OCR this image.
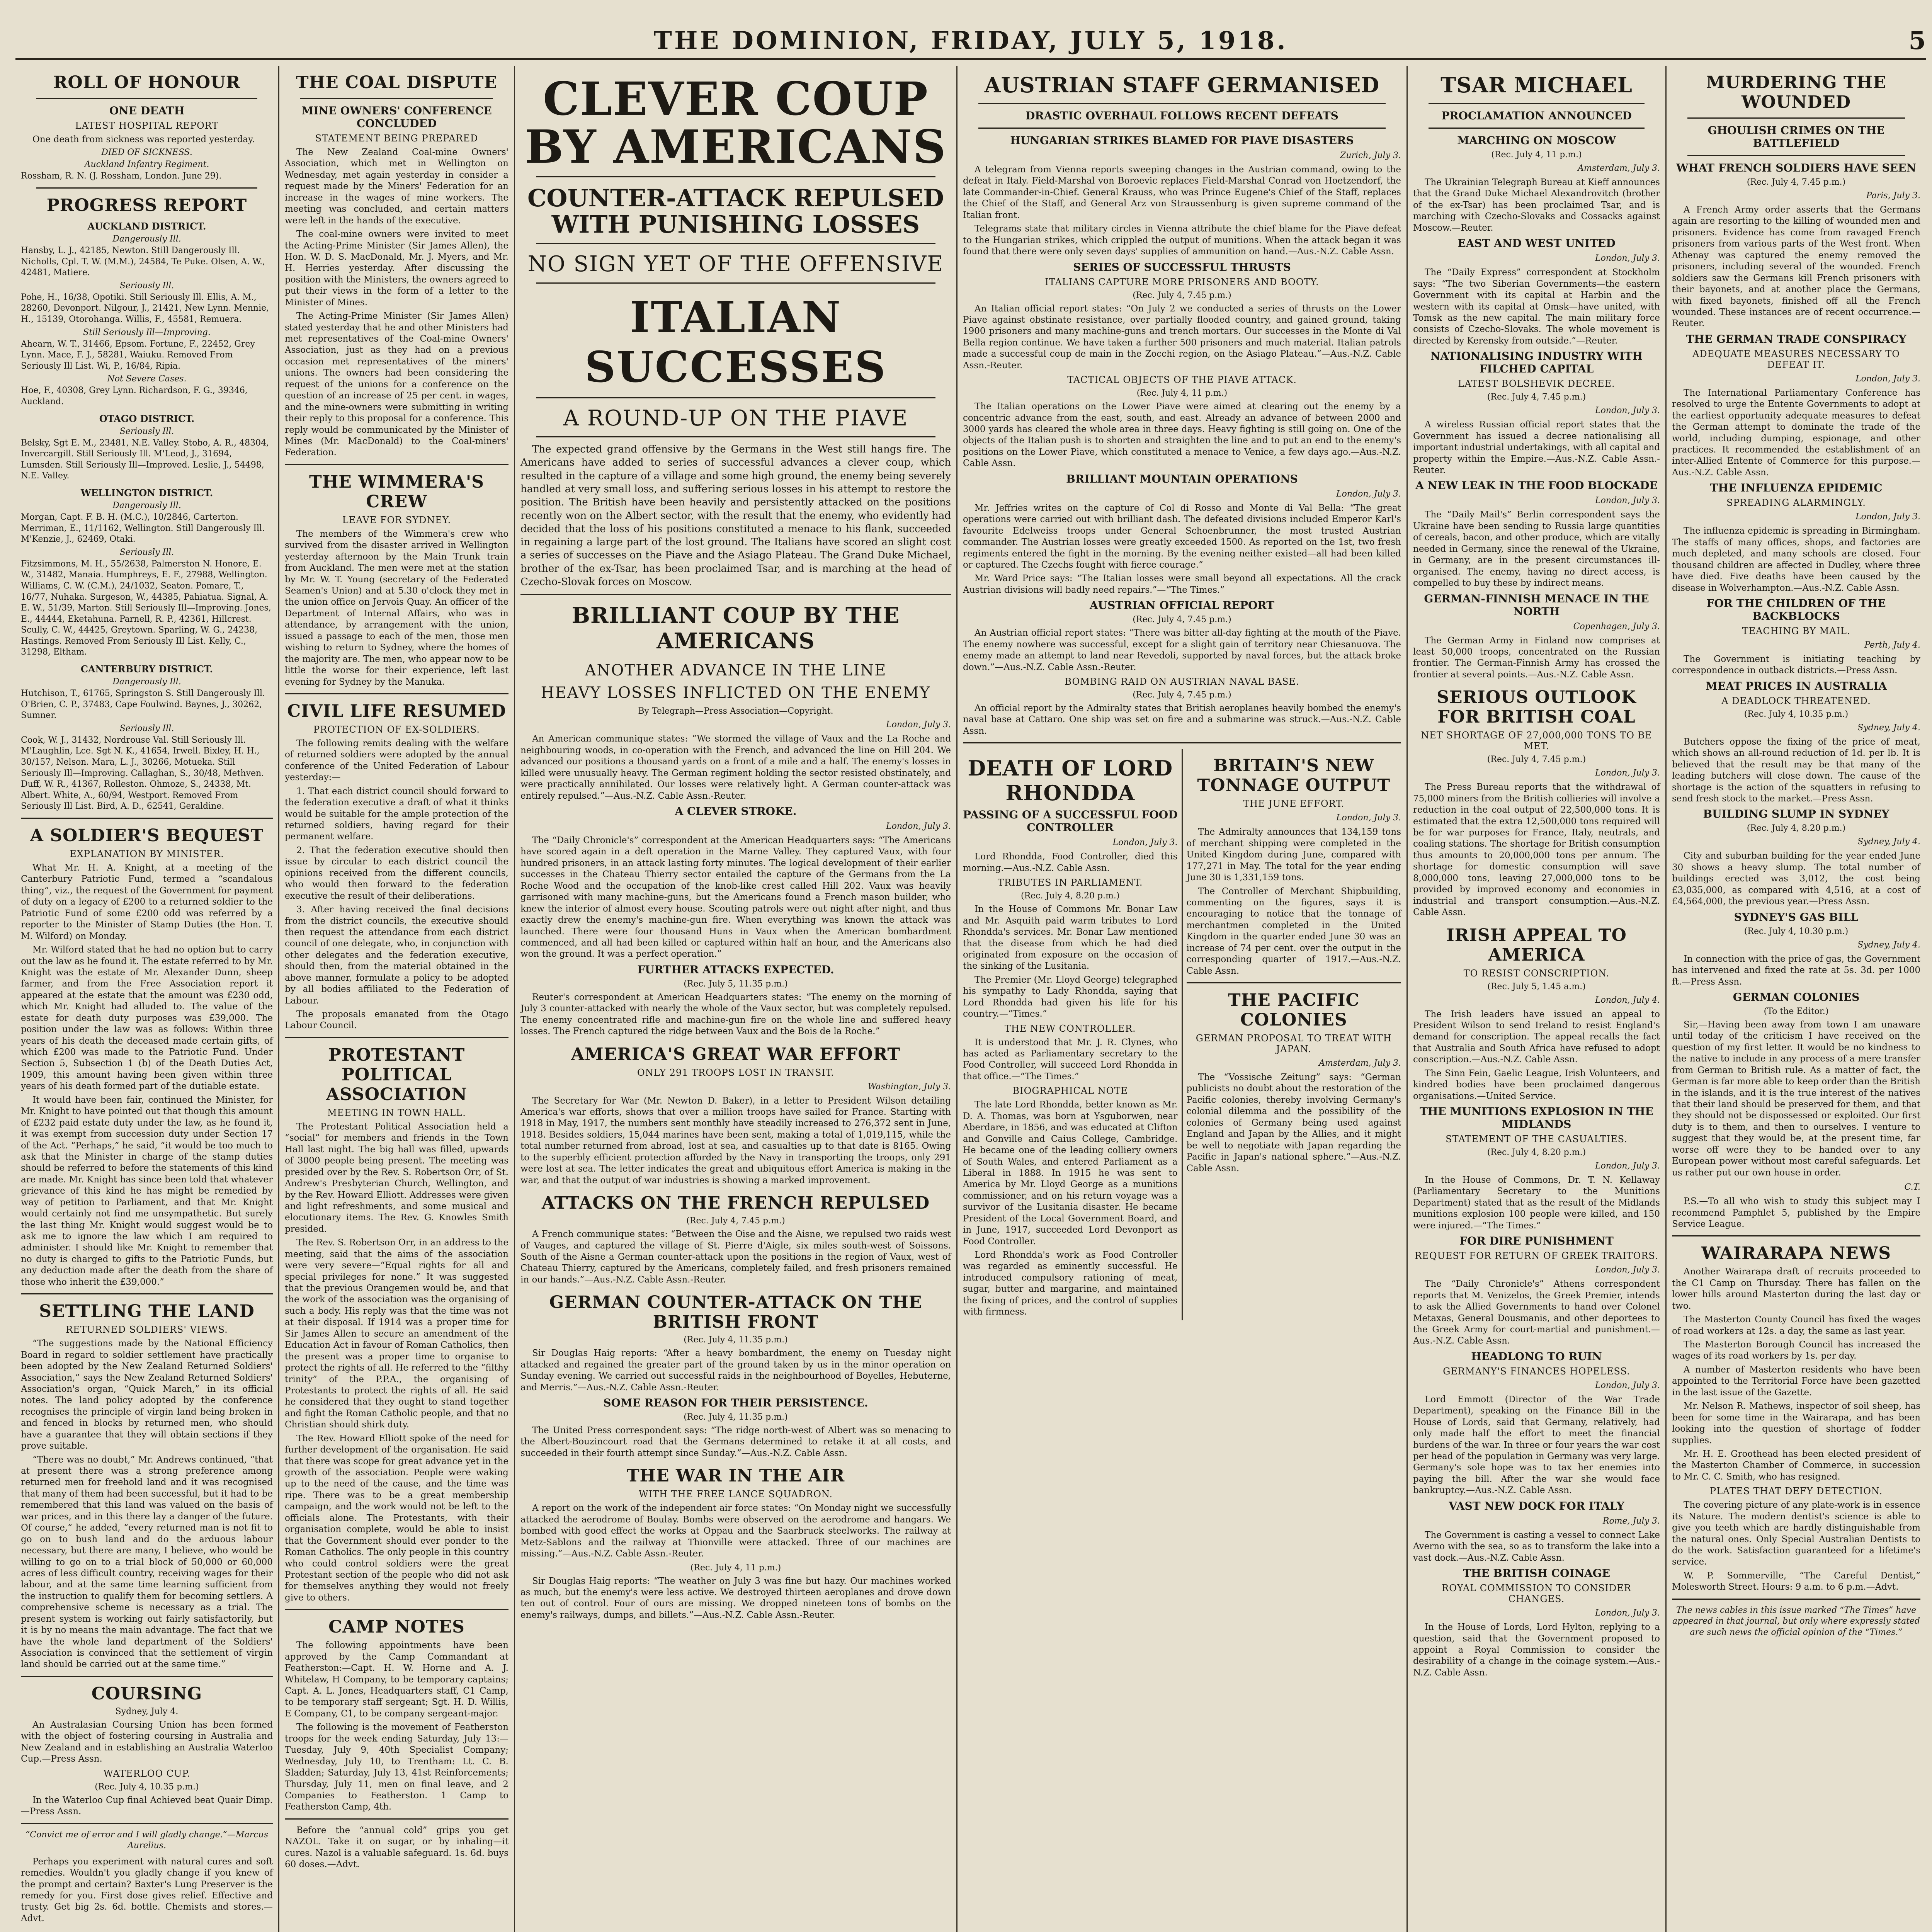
THE DOMINION, FRIDAY, JULY 5, 1918.	5
ROLL OF HONOUR
ONE DEATH
LATEST HOSPITAL REPORT
One death from sickness was reported yesterday.
DIED OF SICKNESS.
Auckland Infantry Regiment.
Rossham, R. N. (J. Rossham, London. June 29).
PROGRESS REPORT
AUCKLAND DISTRICT.
Dangerously Ill.
Hansby, L. J., 42185, Newton. Still Dangerously Ill. Nicholls, Cpl. T. W. (M.M.), 24584, Te Puke. Olsen, A. W., 42481, Matiere.
Seriously Ill.
Pohe, H., 16/38, Opotiki. Still Seriously Ill. Ellis, A. M., 28260, Devonport. Nilgour, J., 21421, New Lynn. Mennie, H., 15139, Otorohanga. Willis, F., 45581, Remuera.
Still Seriously Ill—Improving.
Ahearn, W. T., 31466, Epsom. Fortune, F., 22452, Grey Lynn. Mace, F. J., 58281, Waiuku. Removed From Seriously Ill List. Wi, P., 16/84, Ripia.
Not Severe Cases.
Hoe, F., 40308, Grey Lynn. Richardson, F. G., 39346, Auckland.
OTAGO DISTRICT.
Seriously Ill.
Belsky, Sgt E. M., 23481, N.E. Valley. Stobo, A. R., 48304, Invercargill. Still Seriously Ill. M'Leod, J., 31694, Lumsden. Still Seriously Ill—Improved. Leslie, J., 54498, N.E. Valley.
WELLINGTON DISTRICT.
Dangerously Ill.
Morgan, Capt. F. B. H. (M.C.), 10/2846, Carterton. Merriman, E., 11/1162, Wellington. Still Dangerously Ill. M'Kenzie, J., 62469, Otaki.
Seriously Ill.
Fitzsimmons, M. H., 55/2638, Palmerston N. Honore, E. W., 31482, Manaia. Humphreys, E. F., 27988, Wellington. Williams, C. W. (C.M.), 24/1032, Seaton. Pomare, T., 16/77, Nuhaka. Surgeson, W., 44385, Pahiatua. Signal, A. E. W., 51/39, Marton. Still Seriously Ill—Improving. Jones, E., 44444, Eketahuna. Parnell, R. P., 42361, Hillcrest. Scully, C. W., 44425, Greytown. Sparling, W. G., 24238, Hastings. Removed From Seriously Ill List. Kelly, C., 31298, Eltham.
CANTERBURY DISTRICT.
Dangerously Ill.
Hutchison, T., 61765, Springston S. Still Dangerously Ill. O'Brien, C. P., 37483, Cape Foulwind. Baynes, J., 30262, Sumner.
Seriously Ill.
Cook, W. J., 31432, Nordrouse Val. Still Seriously Ill. M'Laughlin, Lce. Sgt N. K., 41654, Irwell. Bixley, H. H., 30/157, Nelson. Mara, L. J., 30266, Motueka. Still Seriously Ill—Improving. Callaghan, S., 30/48, Methven. Duff, W. R., 41367, Rolleston. Ohmoze, S., 24338, Mt. Albert. White, A., 60/94, Westport. Removed From Seriously Ill List. Bird, A. D., 62541, Geraldine.
A SOLDIER'S BEQUEST
EXPLANATION BY MINISTER.
What Mr. H. A. Knight, at a meeting of the Canterbury Patriotic Fund, termed a “scandalous thing”, viz., the request of the Government for payment of duty on a legacy of £200 to a returned soldier to the Patriotic Fund of some £200 odd was referred by a reporter to the Minister of Stamp Duties (the Hon. T. M. Wilford) on Monday.
Mr. Wilford stated that he had no option but to carry out the law as he found it. The estate referred to by Mr. Knight was the estate of Mr. Alexander Dunn, sheep farmer, and from the Free Association report it appeared at the estate that the amount was £230 odd, which Mr. Knight had alluded to. The value of the estate for death duty purposes was £39,000. The position under the law was as follows: Within three years of his death the deceased made certain gifts, of which £200 was made to the Patriotic Fund. Under Section 5, Subsection 1 (b) of the Death Duties Act, 1909, this amount having been given within three years of his death formed part of the dutiable estate.
It would have been fair, continued the Minister, for Mr. Knight to have pointed out that though this amount of £232 paid estate duty under the law, as he found it, it was exempt from succession duty under Section 17 of the Act. “Perhaps,” he said, “it would be too much to ask that the Minister in charge of the stamp duties should be referred to before the statements of this kind are made. Mr. Knight has since been told that whatever grievance of this kind he has might be remedied by way of petition to Parliament, and that Mr. Knight would certainly not find me unsympathetic. But surely the last thing Mr. Knight would suggest would be to ask me to ignore the law which I am required to administer. I should like Mr. Knight to remember that no duty is charged to gifts to the Patriotic Funds, but any deduction made after the death from the share of those who inherit the £39,000.”
SETTLING THE LAND
RETURNED SOLDIERS' VIEWS.
“The suggestions made by the National Efficiency Board in regard to soldier settlement have practically been adopted by the New Zealand Returned Soldiers' Association,” says the New Zealand Returned Soldiers' Association's organ, “Quick March,” in its official notes. The land policy adopted by the conference recognises the principle of virgin land being broken in and fenced in blocks by returned men, who should have a guarantee that they will obtain sections if they prove suitable.
“There was no doubt,” Mr. Andrews continued, “that at present there was a strong preference among returned men for freehold land and it was recognised that many of them had been successful, but it had to be remembered that this land was valued on the basis of war prices, and in this there lay a danger of the future. Of course,” he added, “every returned man is not fit to go on to bush land and do the arduous labour necessary, but there are many, I believe, who would be willing to go on to a trial block of 50,000 or 60,000 acres of less difficult country, receiving wages for their labour, and at the same time learning sufficient from the instruction to qualify them for becoming settlers. A comprehensive scheme is necessary as a trial. The present system is working out fairly satisfactorily, but it is by no means the main advantage. The fact that we have the whole land department of the Soldiers' Association is convinced that the settlement of virgin land should be carried out at the same time.”
COURSING
Sydney, July 4.
An Australasian Coursing Union has been formed with the object of fostering coursing in Australia and New Zealand and in establishing an Australia Waterloo Cup.—Press Assn.
WATERLOO CUP.
(Rec. July 4, 10.35 p.m.)
In the Waterloo Cup final Achieved beat Quair Dimp.—Press Assn.
“Convict me of error and I will gladly change.”—Marcus Aurelius.
Perhaps you experiment with natural cures and soft remedies. Wouldn't you gladly change if you knew of the prompt and certain? Baxter's Lung Preserver is the remedy for you. First dose gives relief. Effective and trusty. Get big 2s. 6d. bottle. Chemists and stores.—Advt.
THE COAL DISPUTE
MINE OWNERS' CONFERENCE CONCLUDED
STATEMENT BEING PREPARED
The New Zealand Coal-mine Owners' Association, which met in Wellington on Wednesday, met again yesterday in consider a request made by the Miners' Federation for an increase in the wages of mine workers. The meeting was concluded, and certain matters were left in the hands of the executive.
The coal-mine owners were invited to meet the Acting-Prime Minister (Sir James Allen), the Hon. W. D. S. MacDonald, Mr. J. Myers, and Mr. H. Herries yesterday. After discussing the position with the Ministers, the owners agreed to put their views in the form of a letter to the Minister of Mines.
The Acting-Prime Minister (Sir James Allen) stated yesterday that he and other Ministers had met representatives of the Coal-mine Owners' Association, just as they had on a previous occasion met representatives of the miners' unions. The owners had been considering the request of the unions for a conference on the question of an increase of 25 per cent. in wages, and the mine-owners were submitting in writing their reply to this proposal for a conference. This reply would be communicated by the Minister of Mines (Mr. MacDonald) to the Coal-miners' Federation.
THE WIMMERA'S CREW
LEAVE FOR SYDNEY.
The members of the Wimmera's crew who survived from the disaster arrived in Wellington yesterday afternoon by the Main Trunk train from Auckland. The men were met at the station by Mr. W. T. Young (secretary of the Federated Seamen's Union) and at 5.30 o'clock they met in the union office on Jervois Quay. An officer of the Department of Internal Affairs, who was in attendance, by arrangement with the union, issued a passage to each of the men, those men wishing to return to Sydney, where the homes of the majority are. The men, who appear now to be little the worse for their experience, left last evening for Sydney by the Manuka.
CIVIL LIFE RESUMED
PROTECTION OF EX-SOLDIERS.
The following remits dealing with the welfare of returned soldiers were adopted by the annual conference of the United Federation of Labour yesterday:—
1. That each district council should forward to the federation executive a draft of what it thinks would be suitable for the ample protection of the returned soldiers, having regard for their permanent welfare.
2. That the federation executive should then issue by circular to each district council the opinions received from the different councils, who would then forward to the federation executive the result of their deliberations.
3. After having received the final decisions from the district councils, the executive should then request the attendance from each district council of one delegate, who, in conjunction with other delegates and the federation executive, should then, from the material obtained in the above manner, formulate a policy to be adopted by all bodies affiliated to the Federation of Labour.
The proposals emanated from the Otago Labour Council.
PROTESTANT POLITICAL ASSOCIATION
MEETING IN TOWN HALL.
The Protestant Political Association held a “social” for members and friends in the Town Hall last night. The big hall was filled, upwards of 3000 people being present. The meeting was presided over by the Rev. S. Robertson Orr, of St. Andrew's Presbyterian Church, Wellington, and by the Rev. Howard Elliott. Addresses were given and light refreshments, and some musical and elocutionary items. The Rev. G. Knowles Smith presided.
The Rev. S. Robertson Orr, in an address to the meeting, said that the aims of the association were very severe—“Equal rights for all and special privileges for none.” It was suggested that the previous Orangemen would be, and that the work of the association was the organising of such a body. His reply was that the time was not at their disposal. If 1914 was a proper time for Sir James Allen to secure an amendment of the Education Act in favour of Roman Catholics, then the present was a proper time to organise to protect the rights of all. He referred to the “filthy trinity” of the P.P.A., the organising of Protestants to protect the rights of all. He said he considered that they ought to stand together and fight the Roman Catholic people, and that no Christian should shirk duty.
The Rev. Howard Elliott spoke of the need for further development of the organisation. He said that there was scope for great advance yet in the growth of the association. People were waking up to the need of the cause, and the time was ripe. There was to be a great membership campaign, and the work would not be left to the officials alone. The Protestants, with their organisation complete, would be able to insist that the Government should ever ponder to the Roman Catholics. The only people in this country who could control soldiers were the great Protestant section of the people who did not ask for themselves anything they would not freely give to others.
CAMP NOTES
The following appointments have been approved by the Camp Commandant at Featherston:—Capt. H. W. Horne and A. J. Whitelaw, H Company, to be temporary captains; Capt. A. L. Jones, Headquarters staff, C1 Camp, to be temporary staff sergeant; Sgt. H. D. Willis, E Company, C1, to be company sergeant-major.
The following is the movement of Featherston troops for the week ending Saturday, July 13:—Tuesday, July 9, 40th Specialist Company; Wednesday, July 10, to Trentham: Lt. C. B. Sladden; Saturday, July 13, 41st Reinforcements; Thursday, July 11, men on final leave, and 2 Companies to Featherston. 1 Camp to Featherston Camp, 4th.
Before the “annual cold” grips you get NAZOL. Take it on sugar, or by inhaling—it cures. Nazol is a valuable safeguard. 1s. 6d. buys 60 doses.—Advt.
CLEVER COUP BY AMERICANS
COUNTER-ATTACK REPULSED WITH PUNISHING LOSSES
NO SIGN YET OF THE OFFENSIVE
ITALIAN SUCCESSES
A ROUND-UP ON THE PIAVE
The expected grand offensive by the Germans in the West still hangs fire. The Americans have added to series of successful advances a clever coup, which resulted in the capture of a village and some high ground, the enemy being severely handled at very small loss, and suffering serious losses in his attempt to restore the position. The British have been heavily and persistently attacked on the positions recently won on the Albert sector, with the result that the enemy, who evidently had decided that the loss of his positions constituted a menace to his flank, succeeded in regaining a large part of the lost ground. The Italians have scored an slight cost a series of successes on the Piave and the Asiago Plateau. The Grand Duke Michael, brother of the ex-Tsar, has been proclaimed Tsar, and is marching at the head of Czecho-Slovak forces on Moscow.
BRILLIANT COUP BY THE AMERICANS
ANOTHER ADVANCE IN THE LINE
HEAVY LOSSES INFLICTED ON THE ENEMY
By Telegraph—Press Association—Copyright.
London, July 3.
An American communique states: “We stormed the village of Vaux and the La Roche and neighbouring woods, in co-operation with the French, and advanced the line on Hill 204. We advanced our positions a thousand yards on a front of a mile and a half. The enemy's losses in killed were unusually heavy. The German regiment holding the sector resisted obstinately, and were practically annihilated. Our losses were relatively light. A German counter-attack was entirely repulsed.”—Aus.-N.Z. Cable Assn.-Reuter.
A CLEVER STROKE.
London, July 3.
The “Daily Chronicle's” correspondent at the American Headquarters says: “The Americans have scored again in a deft operation in the Marne Valley. They captured Vaux, with four hundred prisoners, in an attack lasting forty minutes. The logical development of their earlier successes in the Chateau Thierry sector entailed the capture of the Germans from the La Roche Wood and the occupation of the knob-like crest called Hill 202. Vaux was heavily garrisoned with many machine-guns, but the Americans found a French mason builder, who knew the interior of almost every house. Scouting patrols were out night after night, and thus exactly drew the enemy's machine-gun fire. When everything was known the attack was launched. There were four thousand Huns in Vaux when the American bombardment commenced, and all had been killed or captured within half an hour, and the Americans also won the ground. It was a perfect operation.”
FURTHER ATTACKS EXPECTED.
(Rec. July 5, 11.35 p.m.)
Reuter's correspondent at American Headquarters states: “The enemy on the morning of July 3 counter-attacked with nearly the whole of the Vaux sector, but was completely repulsed. The enemy concentrated rifle and machine-gun fire on the whole line and suffered heavy losses. The French captured the ridge between Vaux and the Bois de la Roche.”
AMERICA'S GREAT WAR EFFORT
ONLY 291 TROOPS LOST IN TRANSIT.
Washington, July 3.
The Secretary for War (Mr. Newton D. Baker), in a letter to President Wilson detailing America's war efforts, shows that over a million troops have sailed for France. Starting with 1918 in May, 1917, the numbers sent monthly have steadily increased to 276,372 sent in June, 1918. Besides soldiers, 15,044 marines have been sent, making a total of 1,019,115, while the total number returned from abroad, lost at sea, and casualties up to that date is 8165. Owing to the superbly efficient protection afforded by the Navy in transporting the troops, only 291 were lost at sea. The letter indicates the great and ubiquitous effort America is making in the war, and that the output of war industries is showing a marked improvement.
ATTACKS ON THE FRENCH REPULSED
(Rec. July 4, 7.45 p.m.)
A French communique states: “Between the Oise and the Aisne, we repulsed two raids west of Vauges, and captured the village of St. Pierre d'Aigle, six miles south-west of Soissons. South of the Aisne a German counter-attack upon the positions in the region of Vaux, west of Chateau Thierry, captured by the Americans, completely failed, and fresh prisoners remained in our hands.”—Aus.-N.Z. Cable Assn.-Reuter.
GERMAN COUNTER-ATTACK ON THE BRITISH FRONT
(Rec. July 4, 11.35 p.m.)
Sir Douglas Haig reports: “After a heavy bombardment, the enemy on Tuesday night attacked and regained the greater part of the ground taken by us in the minor operation on Sunday evening. We carried out successful raids in the neighbourhood of Boyelles, Hebuterne, and Merris.”—Aus.-N.Z. Cable Assn.-Reuter.
SOME REASON FOR THEIR PERSISTENCE.
(Rec. July 4, 11.35 p.m.)
The United Press correspondent says: “The ridge north-west of Albert was so menacing to the Albert-Bouzincourt road that the Germans determined to retake it at all costs, and succeeded in their fourth attempt since Sunday.”—Aus.-N.Z. Cable Assn.
THE WAR IN THE AIR
WITH THE FREE LANCE SQUADRON.
A report on the work of the independent air force states: “On Monday night we successfully attacked the aerodrome of Boulay. Bombs were observed on the aerodrome and hangars. We bombed with good effect the works at Oppau and the Saarbruck steelworks. The railway at Metz-Sablons and the railway at Thionville were attacked. Three of our machines are missing.”—Aus.-N.Z. Cable Assn.-Reuter.
(Rec. July 4, 11 p.m.)
Sir Douglas Haig reports: “The weather on July 3 was fine but hazy. Our machines worked as much, but the enemy's were less active. We destroyed thirteen aeroplanes and drove down ten out of control. Four of ours are missing. We dropped nineteen tons of bombs on the enemy's railways, dumps, and billets.”—Aus.-N.Z. Cable Assn.-Reuter.
AUSTRIAN STAFF GERMANISED
DRASTIC OVERHAUL FOLLOWS RECENT DEFEATS
HUNGARIAN STRIKES BLAMED FOR PIAVE DISASTERS
Zurich, July 3.
A telegram from Vienna reports sweeping changes in the Austrian command, owing to the defeat in Italy. Field-Marshal von Boroevic replaces Field-Marshal Conrad von Hoetzendorf, the late Commander-in-Chief. General Krauss, who was Prince Eugene's Chief of the Staff, replaces the Chief of the Staff, and General Arz von Straussenburg is given supreme command of the Italian front.
Telegrams state that military circles in Vienna attribute the chief blame for the Piave defeat to the Hungarian strikes, which crippled the output of munitions. When the attack began it was found that there were only seven days' supplies of ammunition on hand.—Aus.-N.Z. Cable Assn.
SERIES OF SUCCESSFUL THRUSTS
ITALIANS CAPTURE MORE PRISONERS AND BOOTY.
(Rec. July 4, 7.45 p.m.)
An Italian official report states: “On July 2 we conducted a series of thrusts on the Lower Piave against obstinate resistance, over partially flooded country, and gained ground, taking 1900 prisoners and many machine-guns and trench mortars. Our successes in the Monte di Val Bella region continue. We have taken a further 500 prisoners and much material. Italian patrols made a successful coup de main in the Zocchi region, on the Asiago Plateau.”—Aus.-N.Z. Cable Assn.-Reuter.
TACTICAL OBJECTS OF THE PIAVE ATTACK.
(Rec. July 4, 11 p.m.)
The Italian operations on the Lower Piave were aimed at clearing out the enemy by a concentric advance from the east, south, and east. Already an advance of between 2000 and 3000 yards has cleared the whole area in three days. Heavy fighting is still going on. One of the objects of the Italian push is to shorten and straighten the line and to put an end to the enemy's positions on the Lower Piave, which constituted a menace to Venice, a few days ago.—Aus.-N.Z. Cable Assn.
BRILLIANT MOUNTAIN OPERATIONS
London, July 3.
Mr. Jeffries writes on the capture of Col di Rosso and Monte di Val Bella: “The great operations were carried out with brilliant dash. The defeated divisions included Emperor Karl's favourite Edelweiss troops under General Schoenbrunner, the most trusted Austrian commander. The Austrian losses were greatly exceeded 1500. As reported on the 1st, two fresh regiments entered the fight in the morning. By the evening neither existed—all had been killed or captured. The Czechs fought with fierce courage.”
Mr. Ward Price says: “The Italian losses were small beyond all expectations. All the crack Austrian divisions will badly need repairs.”—“The Times.”
AUSTRIAN OFFICIAL REPORT
(Rec. July 4, 7.45 p.m.)
An Austrian official report states: “There was bitter all-day fighting at the mouth of the Piave. The enemy nowhere was successful, except for a slight gain of territory near Chiesanuova. The enemy made an attempt to land near Revedoli, supported by naval forces, but the attack broke down.”—Aus.-N.Z. Cable Assn.-Reuter.
BOMBING RAID ON AUSTRIAN NAVAL BASE.
(Rec. July 4, 7.45 p.m.)
An official report by the Admiralty states that British aeroplanes heavily bombed the enemy's naval base at Cattaro. One ship was set on fire and a submarine was struck.—Aus.-N.Z. Cable Assn.
DEATH OF LORD RHONDDA
PASSING OF A SUCCESSFUL FOOD CONTROLLER
London, July 3.
Lord Rhondda, Food Controller, died this morning.—Aus.-N.Z. Cable Assn.
TRIBUTES IN PARLIAMENT.
(Rec. July 4, 8.20 p.m.)
In the House of Commons Mr. Bonar Law and Mr. Asquith paid warm tributes to Lord Rhondda's services. Mr. Bonar Law mentioned that the disease from which he had died originated from exposure on the occasion of the sinking of the Lusitania.
The Premier (Mr. Lloyd George) telegraphed his sympathy to Lady Rhondda, saying that Lord Rhondda had given his life for his country.—“Times.”
THE NEW CONTROLLER.
It is understood that Mr. J. R. Clynes, who has acted as Parliamentary secretary to the Food Controller, will succeed Lord Rhondda in that office.—“The Times.”
BIOGRAPHICAL NOTE
The late Lord Rhondda, better known as Mr. D. A. Thomas, was born at Ysguborwen, near Aberdare, in 1856, and was educated at Clifton and Gonville and Caius College, Cambridge. He became one of the leading colliery owners of South Wales, and entered Parliament as a Liberal in 1888. In 1915 he was sent to America by Mr. Lloyd George as a munitions commissioner, and on his return voyage was a survivor of the Lusitania disaster. He became President of the Local Government Board, and in June, 1917, succeeded Lord Devonport as Food Controller.
Lord Rhondda's work as Food Controller was regarded as eminently successful. He introduced compulsory rationing of meat, sugar, butter and margarine, and maintained the fixing of prices, and the control of supplies with firmness.
BRITAIN'S NEW TONNAGE OUTPUT
THE JUNE EFFORT.
London, July 3.
The Admiralty announces that 134,159 tons of merchant shipping were completed in the United Kingdom during June, compared with 177,271 in May. The total for the year ending June 30 is 1,331,159 tons.
The Controller of Merchant Shipbuilding, commenting on the figures, says it is encouraging to notice that the tonnage of merchantmen completed in the United Kingdom in the quarter ended June 30 was an increase of 74 per cent. over the output in the corresponding quarter of 1917.—Aus.-N.Z. Cable Assn.
THE PACIFIC COLONIES
GERMAN PROPOSAL TO TREAT WITH JAPAN.
Amsterdam, July 3.
The “Vossische Zeitung” says: “German publicists no doubt about the restoration of the Pacific colonies, thereby involving Germany's colonial dilemma and the possibility of the colonies of Germany being used against England and Japan by the Allies, and it might be well to negotiate with Japan regarding the Pacific in Japan's national sphere.”—Aus.-N.Z. Cable Assn.
TSAR MICHAEL
PROCLAMATION ANNOUNCED
MARCHING ON MOSCOW
(Rec. July 4, 11 p.m.)
Amsterdam, July 3.
The Ukrainian Telegraph Bureau at Kieff announces that the Grand Duke Michael Alexandrovitch (brother of the ex-Tsar) has been proclaimed Tsar, and is marching with Czecho-Slovaks and Cossacks against Moscow.—Reuter.
EAST AND WEST UNITED
London, July 3.
The “Daily Express” correspondent at Stockholm says: “The two Siberian Governments—the eastern Government with its capital at Harbin and the western with its capital at Omsk—have united, with Tomsk as the new capital. The main military force consists of Czecho-Slovaks. The whole movement is directed by Kerensky from outside.”—Reuter.
NATIONALISING INDUSTRY WITH FILCHED CAPITAL
LATEST BOLSHEVIK DECREE.
(Rec. July 4, 7.45 p.m.)
London, July 3.
A wireless Russian official report states that the Government has issued a decree nationalising all important industrial undertakings, with all capital and property within the Empire.—Aus.-N.Z. Cable Assn.-Reuter.
A NEW LEAK IN THE FOOD BLOCKADE
London, July 3.
The “Daily Mail's” Berlin correspondent says the Ukraine have been sending to Russia large quantities of cereals, bacon, and other produce, which are vitally needed in Germany, since the renewal of the Ukraine, in Germany, are in the present circumstances ill-organised. The enemy, having no direct access, is compelled to buy these by indirect means.
GERMAN-FINNISH MENACE IN THE NORTH
Copenhagen, July 3.
The German Army in Finland now comprises at least 50,000 troops, concentrated on the Russian frontier. The German-Finnish Army has crossed the frontier at several points.—Aus.-N.Z. Cable Assn.
SERIOUS OUTLOOK FOR BRITISH COAL
NET SHORTAGE OF 27,000,000 TONS TO BE MET.
(Rec. July 4, 7.45 p.m.)
London, July 3.
The Press Bureau reports that the withdrawal of 75,000 miners from the British collieries will involve a reduction in the coal output of 22,500,000 tons. It is estimated that the extra 12,500,000 tons required will be for war purposes for France, Italy, neutrals, and coaling stations. The shortage for British consumption thus amounts to 20,000,000 tons per annum. The shortage for domestic consumption will save 8,000,000 tons, leaving 27,000,000 tons to be provided by improved economy and economies in industrial and transport consumption.—Aus.-N.Z. Cable Assn.
IRISH APPEAL TO AMERICA
TO RESIST CONSCRIPTION.
(Rec. July 5, 1.45 a.m.)
London, July 4.
The Irish leaders have issued an appeal to President Wilson to send Ireland to resist England's demand for conscription. The appeal recalls the fact that Australia and South Africa have refused to adopt conscription.—Aus.-N.Z. Cable Assn.
The Sinn Fein, Gaelic League, Irish Volunteers, and kindred bodies have been proclaimed dangerous organisations.—United Service.
THE MUNITIONS EXPLOSION IN THE MIDLANDS
STATEMENT OF THE CASUALTIES.
(Rec. July 4, 8.20 p.m.)
London, July 3.
In the House of Commons, Dr. T. N. Kellaway (Parliamentary Secretary to the Munitions Department) stated that as the result of the Midlands munitions explosion 100 people were killed, and 150 were injured.—“The Times.”
FOR DIRE PUNISHMENT
REQUEST FOR RETURN OF GREEK TRAITORS.
London, July 3.
The “Daily Chronicle's” Athens correspondent reports that M. Venizelos, the Greek Premier, intends to ask the Allied Governments to hand over Colonel Metaxas, General Dousmanis, and other deportees to the Greek Army for court-martial and punishment.—Aus.-N.Z. Cable Assn.
HEADLONG TO RUIN
GERMANY'S FINANCES HOPELESS.
London, July 3.
Lord Emmott (Director of the War Trade Department), speaking on the Finance Bill in the House of Lords, said that Germany, relatively, had only made half the effort to meet the financial burdens of the war. In three or four years the war cost per head of the population in Germany was very large. Germany's sole hope was to tax her enemies into paying the bill. After the war she would face bankruptcy.—Aus.-N.Z. Cable Assn.
VAST NEW DOCK FOR ITALY
Rome, July 3.
The Government is casting a vessel to connect Lake Averno with the sea, so as to transform the lake into a vast dock.—Aus.-N.Z. Cable Assn.
THE BRITISH COINAGE
ROYAL COMMISSION TO CONSIDER CHANGES.
London, July 3.
In the House of Lords, Lord Hylton, replying to a question, said that the Government proposed to appoint a Royal Commission to consider the desirability of a change in the coinage system.—Aus.-N.Z. Cable Assn.
MURDERING THE WOUNDED
GHOULISH CRIMES ON THE BATTLEFIELD
WHAT FRENCH SOLDIERS HAVE SEEN
(Rec. July 4, 7.45 p.m.)
Paris, July 3.
A French Army order asserts that the Germans again are resorting to the killing of wounded men and prisoners. Evidence has come from ravaged French prisoners from various parts of the West front. When Athenay was captured the enemy removed the prisoners, including several of the wounded. French soldiers saw the Germans kill French prisoners with their bayonets, and at another place the Germans, with fixed bayonets, finished off all the French wounded. These instances are of recent occurrence.—Reuter.
THE GERMAN TRADE CONSPIRACY
ADEQUATE MEASURES NECESSARY TO DEFEAT IT.
London, July 3.
The International Parliamentary Conference has resolved to urge the Entente Governments to adopt at the earliest opportunity adequate measures to defeat the German attempt to dominate the trade of the world, including dumping, espionage, and other practices. It recommended the establishment of an inter-Allied Entente of Commerce for this purpose.—Aus.-N.Z. Cable Assn.
THE INFLUENZA EPIDEMIC
SPREADING ALARMINGLY.
London, July 3.
The influenza epidemic is spreading in Birmingham. The staffs of many offices, shops, and factories are much depleted, and many schools are closed. Four thousand children are affected in Dudley, where three have died. Five deaths have been caused by the disease in Wolverhampton.—Aus.-N.Z. Cable Assn.
FOR THE CHILDREN OF THE BACKBLOCKS
TEACHING BY MAIL.
Perth, July 4.
The Government is initiating teaching by correspondence in outback districts.—Press Assn.
MEAT PRICES IN AUSTRALIA
A DEADLOCK THREATENED.
(Rec. July 4, 10.35 p.m.)
Sydney, July 4.
Butchers oppose the fixing of the price of meat, which shows an all-round reduction of 1d. per lb. It is believed that the result may be that many of the leading butchers will close down. The cause of the shortage is the action of the squatters in refusing to send fresh stock to the market.—Press Assn.
BUILDING SLUMP IN SYDNEY
(Rec. July 4, 8.20 p.m.)
Sydney, July 4.
City and suburban building for the year ended June 30 shows a heavy slump. The total number of buildings erected was 3,012, the cost being £3,035,000, as compared with 4,516, at a cost of £4,564,000, the previous year.—Press Assn.
SYDNEY'S GAS BILL
(Rec. July 4, 10.30 p.m.)
Sydney, July 4.
In connection with the price of gas, the Government has intervened and fixed the rate at 5s. 3d. per 1000 ft.—Press Assn.
GERMAN COLONIES
(To the Editor.)
Sir,—Having been away from town I am unaware until today of the criticism I have received on the question of my first letter. It would be no kindness to the native to include in any process of a mere transfer from German to British rule. As a matter of fact, the German is far more able to keep order than the British in the islands, and it is the true interest of the natives that their land should be preserved for them, and that they should not be dispossessed or exploited. Our first duty is to them, and then to ourselves. I venture to suggest that they would be, at the present time, far worse off were they to be handed over to any European power without most careful safeguards. Let us rather put our own house in order.
C.T.
P.S.—To all who wish to study this subject may I recommend Pamphlet 5, published by the Empire Service League.
WAIRARAPA NEWS
Another Wairarapa draft of recruits proceeded to the C1 Camp on Thursday. There has fallen on the lower hills around Masterton during the last day or two.
The Masterton County Council has fixed the wages of road workers at 12s. a day, the same as last year.
The Masterton Borough Council has increased the wages of its road workers by 1s. per day.
A number of Masterton residents who have been appointed to the Territorial Force have been gazetted in the last issue of the Gazette.
Mr. Nelson R. Mathews, inspector of soil sheep, has been for some time in the Wairarapa, and has been looking into the question of shortage of fodder supplies.
Mr. H. E. Groothead has been elected president of the Masterton Chamber of Commerce, in succession to Mr. C. C. Smith, who has resigned.
PLATES THAT DEFY DETECTION.
The covering picture of any plate-work is in essence its Nature. The modern dentist's science is able to give you teeth which are hardly distinguishable from the natural ones. Only Special Australian Dentists to do the work. Satisfaction guaranteed for a lifetime's service.
W. P. Sommerville, “The Careful Dentist,” Molesworth Street. Hours: 9 a.m. to 6 p.m.—Advt.
The news cables in this issue marked “The Times” have appeared in that journal, but only where expressly stated are such news the official opinion of the “Times.”
